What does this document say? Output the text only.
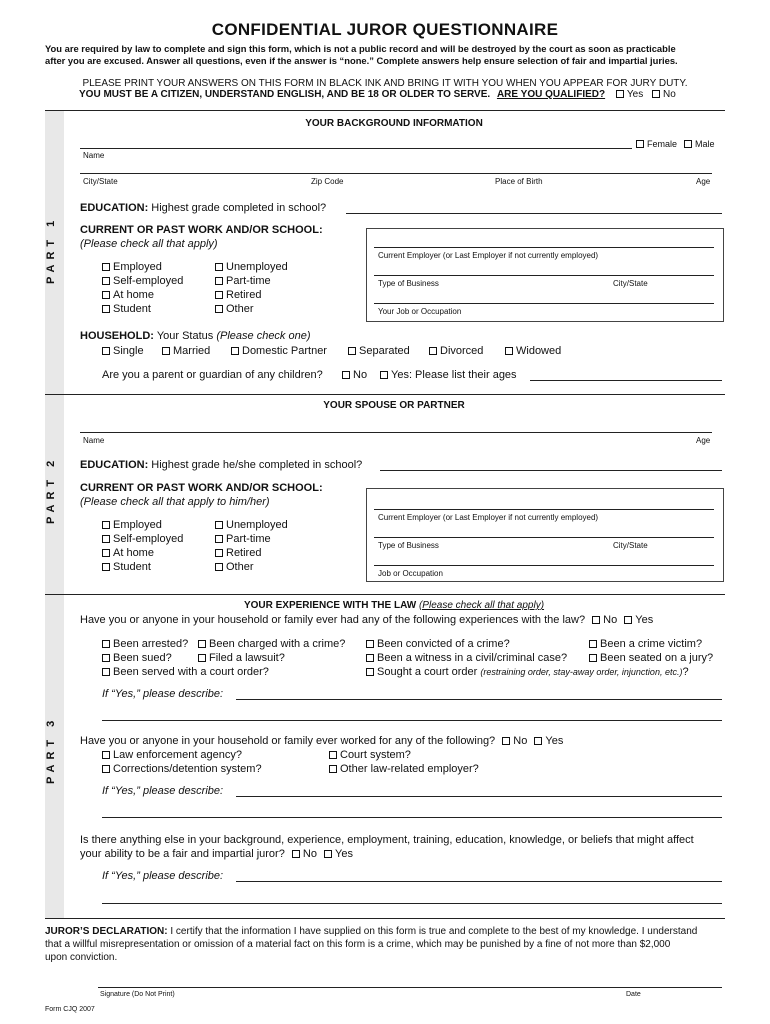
CONFIDENTIAL JUROR QUESTIONNAIRE
You are required by law to complete and sign this form, which is not a public record and will be destroyed by the court as soon as practicable
after you are excused. Answer all questions, even if the answer is “none.” Complete answers help ensure selection of fair and impartial juries.
PLEASE PRINT YOUR ANSWERS ON THIS FORM IN BLACK INK AND BRING IT WITH YOU WHEN YOU APPEAR FOR JURY DUTY.
YOU MUST BE A CITIZEN, UNDERSTAND ENGLISH, AND BE 18 OR OLDER TO SERVE. ARE YOU QUALIFIED? Yes No
PART 1
PART 2
PART 3
YOUR BACKGROUND INFORMATION
Female	Male
Name
City/State	Zip Code	Place of Birth	Age
EDUCATION: Highest grade completed in school?
CURRENT OR PAST WORK AND/OR SCHOOL:
(Please check all that apply)
Employed	Unemployed
Self-employed	Part-time
At home	Retired
Student	Other
Current Employer (or Last Employer if not currently employed)
Type of Business	City/State
Your Job or Occupation
HOUSEHOLD: Your Status (Please check one)
Single	Married	Domestic Partner	Separated	Divorced	Widowed
Are you a parent or guardian of any children?	No	Yes: Please list their ages
YOUR SPOUSE OR PARTNER
Name	Age
EDUCATION: Highest grade he/she completed in school?
CURRENT OR PAST WORK AND/OR SCHOOL:
(Please check all that apply to him/her)
Employed	Unemployed
Self-employed	Part-time
At home	Retired
Student	Other
Current Employer (or Last Employer if not currently employed)
Type of Business	City/State
Job or Occupation
YOUR EXPERIENCE WITH THE LAW (Please check all that apply)
Have you or anyone in your household or family ever had any of the following experiences with the law? No Yes
Been arrested?	Been charged with a crime?	Been convicted of a crime?	Been a crime victim?
Been sued?	Filed a lawsuit?	Been a witness in a civil/criminal case?	Been seated on a jury?
Been served with a court order?	Sought a court order (restraining order, stay-away order, injunction, etc.)?
If “Yes,” please describe:
Have you or anyone in your household or family ever worked for any of the following? No Yes
Law enforcement agency?	Court system?
Corrections/detention system?	Other law-related employer?
If “Yes,” please describe:
Is there anything else in your background, experience, employment, training, education, knowledge, or beliefs that might affect
your ability to be a fair and impartial juror? No Yes
If “Yes,” please describe:
JUROR’S DECLARATION: I certify that the information I have supplied on this form is true and complete to the best of my knowledge. I understand
that a willful misrepresentation or omission of a material fact on this form is a crime, which may be punished by a fine of not more than $2,000
upon conviction.
Signature (Do Not Print)	Date
Form CJQ 2007
